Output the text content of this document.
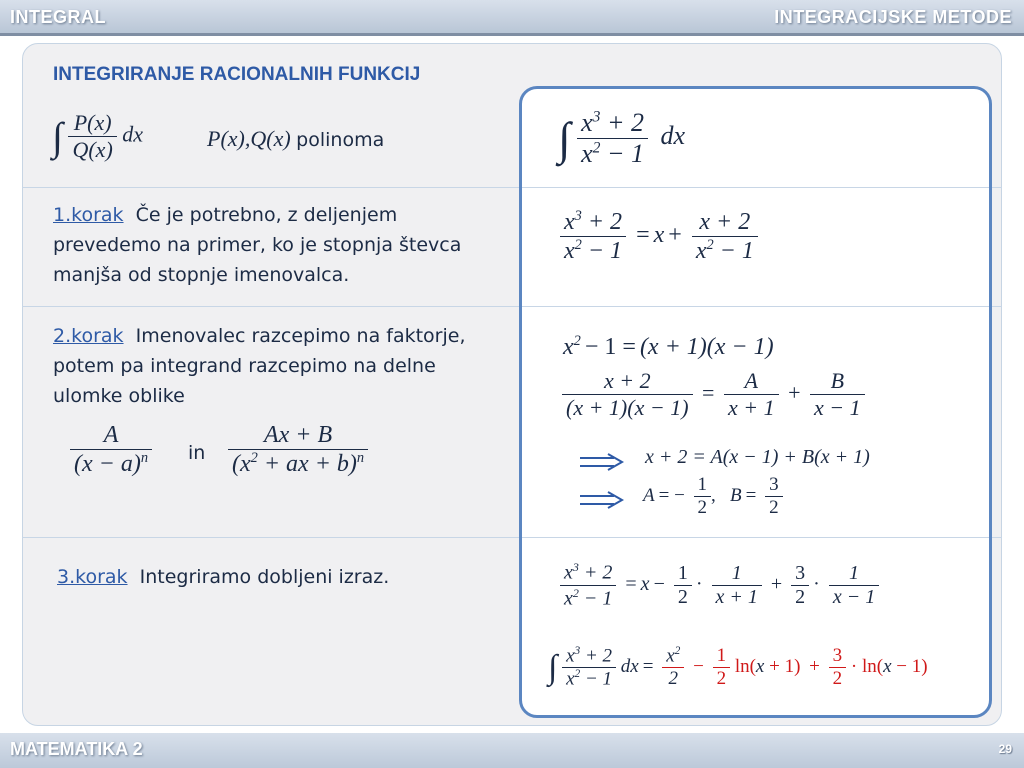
INTEGRAL	INTEGRACIJSKE METODE
INTEGRIRANJE RACIONALNIH FUNKCIJ
∫ $\frac{P(x)}{Q(x)}$ dx	P(x),Q(x) polinoma
1.korak Če je potrebno, z deljenjem prevedemo na primer, ko je stopnja števca manjša od stopnje imenovalca.
2.korak Imenovalec razcepimo na faktorje, potem pa integrand razcepimo na delne ulomke oblike
$\frac{A}{(x - a)^n}$ in $\frac{Ax + B}{(x^2 + ax + b)^n}$
3.korak Integriramo dobljeni izraz.
∫ $\frac{x^3 + 2}{x^2 - 1}$ dx
$\frac{x^3 + 2}{x^2 - 1} = x + \frac{x + 2}{x^2 - 1}$
$x^2 - 1 = (x + 1)(x - 1)$
$\frac{x + 2}{(x + 1)(x - 1)} = \frac{A}{x + 1} + \frac{B}{x - 1}$
x + 2 = A(x − 1) + B(x + 1)
A = − $\frac{1}{2}$ ,   $B = \frac{3}{2}$
$\frac{x^3 + 2}{x^2 - 1} = x - \frac{1}{2} \cdot \frac{1}{x + 1} + \frac{3}{2} \cdot \frac{1}{x - 1}$
∫ $\frac{x^3 + 2}{x^2 - 1}$ dx = $\frac{x^2}{2} - \frac{1}{2} \ln(x + 1) + \frac{3}{2} \cdot \ln(x - 1)$
MATEMATIKA 2	29
